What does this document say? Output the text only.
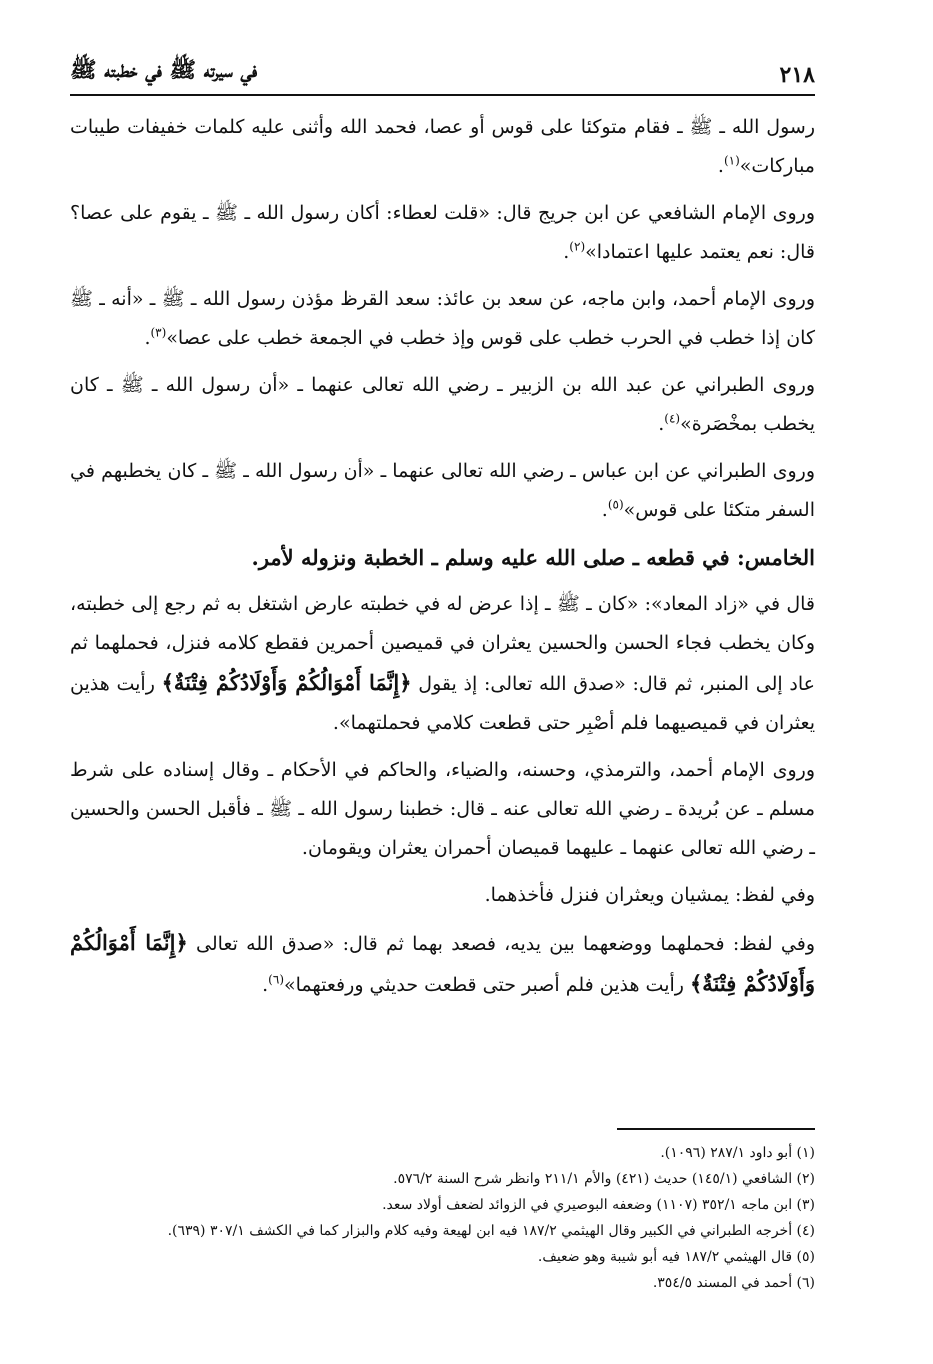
٢١٨
في سيرته ﷺ في خطبته ﷺ

رسول الله ـ ﷺ ـ فقام متوكئا على قوس أو عصا، فحمد الله وأثنى عليه كلمات خفيفات طيبات مباركات»$^{(١)}$.

وروى الإمام الشافعي عن ابن جريج قال: «قلت لعطاء: أكان رسول الله ـ ﷺ ـ يقوم على عصا؟ قال: نعم يعتمد عليها اعتمادا»$^{(٢)}$.

وروى الإمام أحمد، وابن ماجه، عن سعد بن عائذ: سعد القرظ مؤذن رسول الله ـ ﷺ ـ «أنه ـ ﷺ كان إذا خطب في الحرب خطب على قوس وإذ خطب في الجمعة خطب على عصا»$^{(٣)}$.

وروى الطبراني عن عبد الله بن الزبير ـ رضي الله تعالى عنهما ـ «أن رسول الله ـ ﷺ ـ كان يخطب بمخْصَرة»$^{(٤)}$.

وروى الطبراني عن ابن عباس ـ رضي الله تعالى عنهما ـ «أن رسول الله ـ ﷺ ـ كان يخطبهم في السفر متكئا على قوس»$^{(٥)}$.

الخامس: في قطعه ـ صلى الله عليه وسلم ـ الخطبة ونزوله لأمر.

قال في «زاد المعاد»: «كان ـ ﷺ ـ إذا عرض له في خطبته عارض اشتغل به ثم رجع إلى خطبته، وكان يخطب فجاء الحسن والحسين يعثران في قميصين أحمرين فقطع كلامه فنزل، فحملهما ثم عاد إلى المنبر، ثم قال: «صدق الله تعالى: إذ يقول ﴿إِنَّمَا أَمْوَالُكُمْ وَأَوْلَادُكُمْ فِتْنَةٌ﴾ رأيت هذين يعثران في قميصيهما فلم أصْبِر حتى قطعت كلامي فحملتهما».

وروى الإمام أحمد، والترمذي، وحسنه، والضياء، والحاكم في الأحكام ـ وقال إسناده على شرط مسلم ـ عن بُريدة ـ رضي الله تعالى عنه ـ قال: خطبنا رسول الله ـ ﷺ ـ فأقبل الحسن والحسين ـ رضي الله تعالى عنهما ـ عليهما قميصان أحمران يعثران ويقومان.

وفي لفظ: يمشيان ويعثران فنزل فأخذهما.

وفي لفظ: فحملهما ووضعهما بين يديه، فصعد بهما ثم قال: «صدق الله تعالى ﴿إِنَّمَا أَمْوَالُكُمْ وَأَوْلَادُكُمْ فِتْنَةٌ﴾ رأيت هذين فلم أصبر حتى قطعت حديثي ورفعتهما»$^{(٦)}$.

(١) أبو داود ٢٨٧/١ (١٠٩٦).
(٢) الشافعي (١٤٥/١) حديث (٤٢١) والأم ٢١١/١ وانظر شرح السنة ٥٧٦/٢.
(٣) ابن ماجه ٣٥٢/١ (١١٠٧) وضعفه البوصيري في الزوائد لضعف أولاد سعد.
(٤) أخرجه الطبراني في الكبير وقال الهيثمي ١٨٧/٢ فيه ابن لهيعة وفيه كلام والبزار كما في الكشف ٣٠٧/١ (٦٣٩).
(٥) قال الهيثمي ١٨٧/٢ فيه أبو شيبة وهو ضعيف.
(٦) أحمد في المسند ٣٥٤/٥.
